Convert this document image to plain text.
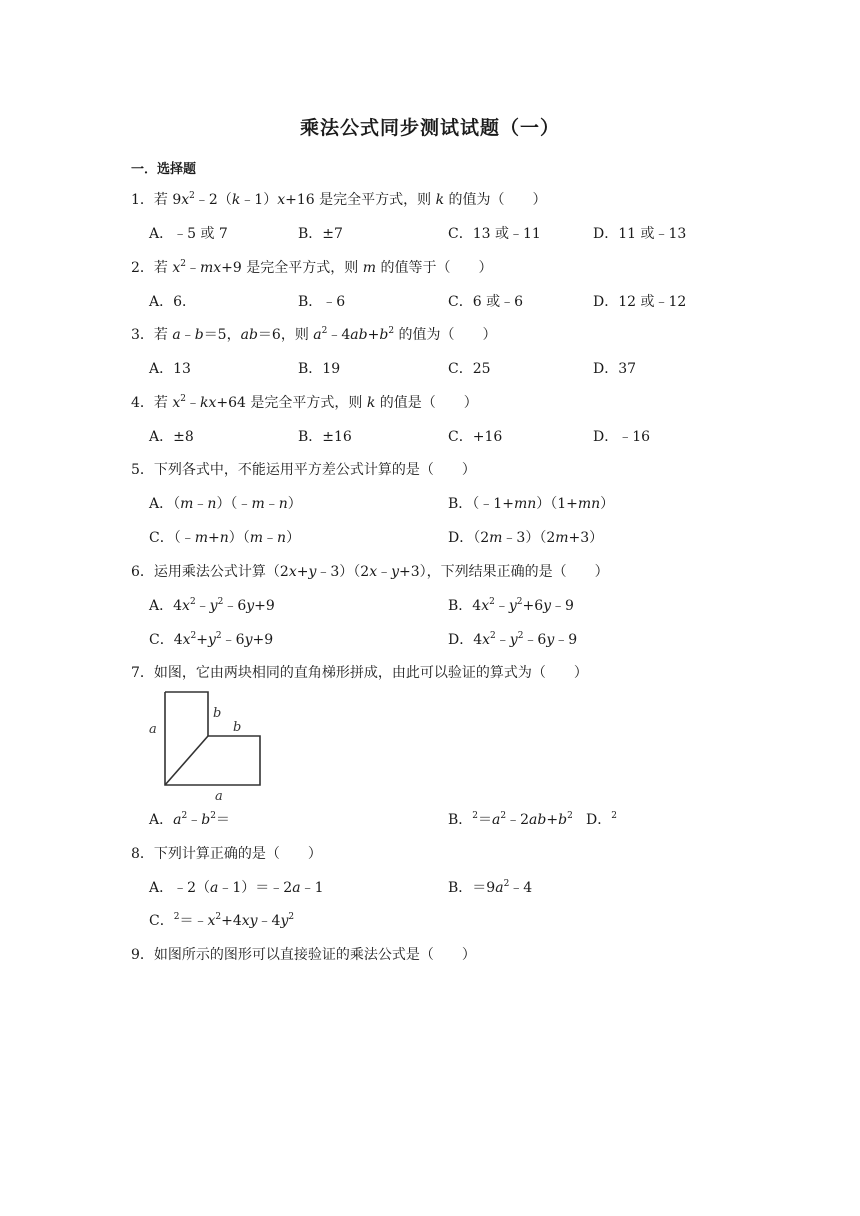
乘法公式同步测试试题（一）
一．选择题
1．若 $9x^2﹣2(k﹣1)x+16$ 是完全平方式，则 k 的值为（　　）
A．﹣5 或 7	B．±7	C．13 或﹣11	D．11 或﹣13
2．若 $x^2﹣mx+9$ 是完全平方式，则 m 的值等于（　　）
A．6．	B．﹣6	C．6 或﹣6	D．12 或﹣12
3．若 a﹣b＝5，ab＝6，则 $a^2﹣4ab+b^2$ 的值为（　　）
A．13	B．19	C．25	D．37
4．若 $x^2﹣kx+64$ 是完全平方式，则 k 的值是（　　）
A．±8	B．±16	C．+16	D．﹣16
5．下列各式中，不能运用平方差公式计算的是（　　）
A．（m﹣n）（﹣m﹣n）	B．（﹣1+mn）（1+mn）
C．（﹣m+n）（m﹣n）	D．（2m﹣3）（2m+3）
6．运用乘法公式计算（2x+y﹣3）（2x﹣y+3），下列结果正确的是（　　）
A．$4x^2﹣y^2﹣6y+9$	B．$4x^2﹣y^2+6y﹣9$
C．$4x^2+y^2﹣6y+9$	D．$4x^2﹣y^2﹣6y﹣9$
7．如图，它由两块相同的直角梯形拼成，由此可以验证的算式为（　　）
a
b
b
a
A．$a^2﹣b^2=$	B．$^2=a^2﹣2ab+b^2$ D．$^2$
8．下列计算正确的是（　　）
A．﹣2（a﹣1）＝﹣2a﹣1	B．$=9a^2﹣4$
C．$^2=﹣x^2+4xy﹣4y^2$
9．如图所示的图形可以直接验证的乘法公式是（　　）
